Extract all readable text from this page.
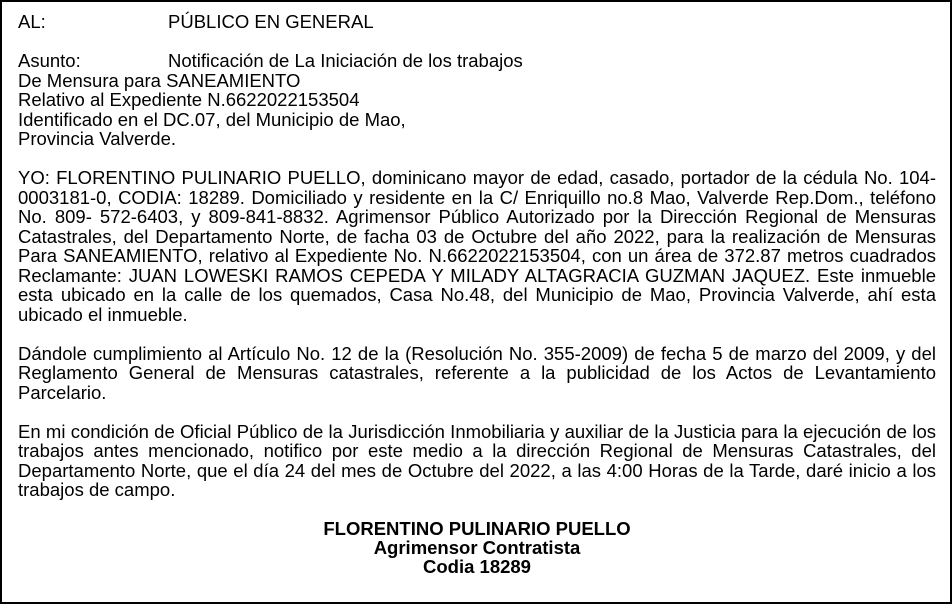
AL:	PÚBLICO EN GENERAL
Asunto:	Notificación de La Iniciación de los trabajos
De Mensura para SANEAMIENTO
Relativo al Expediente N.6622022153504
Identificado en el DC.07, del Municipio de Mao,
Provincia Valverde.

YO: FLORENTINO PULINARIO PUELLO, dominicano mayor de edad, casado, portador de la cédula No. 104-0003181-0, CODIA: 18289. Domiciliado y residente en la C/ Enriquillo no.8 Mao, Valverde Rep.Dom., teléfono No. 809- 572-6403, y 809-841-8832. Agrimensor Público Autorizado por la Dirección Regional de Mensuras Catastrales, del Departamento Norte, de facha 03 de Octubre del año 2022, para la realización de Mensuras Para SANEAMIENTO, relativo al Expediente No. N.6622022153504, con un área de 372.87 metros cuadrados Reclamante: JUAN LOWESKI RAMOS CEPEDA Y MILADY ALTAGRACIA GUZMAN JAQUEZ. Este inmueble esta ubicado en la calle de los quemados, Casa No.48, del Municipio de Mao, Provincia Valverde, ahí esta ubicado el inmueble.

Dándole cumplimiento al Artículo No. 12 de la (Resolución No. 355-2009) de fecha 5 de marzo del 2009, y del Reglamento General de Mensuras catastrales, referente a la publicidad de los Actos de Levantamiento Parcelario.

En mi condición de Oficial Público de la Jurisdicción Inmobiliaria y auxiliar de la Justicia para la ejecución de los trabajos antes mencionado, notifico por este medio a la dirección Regional de Mensuras Catastrales, del Departamento Norte, que el día 24 del mes de Octubre del 2022, a las 4:00 Horas de la Tarde, daré inicio a los trabajos de campo.

FLORENTINO PULINARIO PUELLO
Agrimensor Contratista
Codia 18289
